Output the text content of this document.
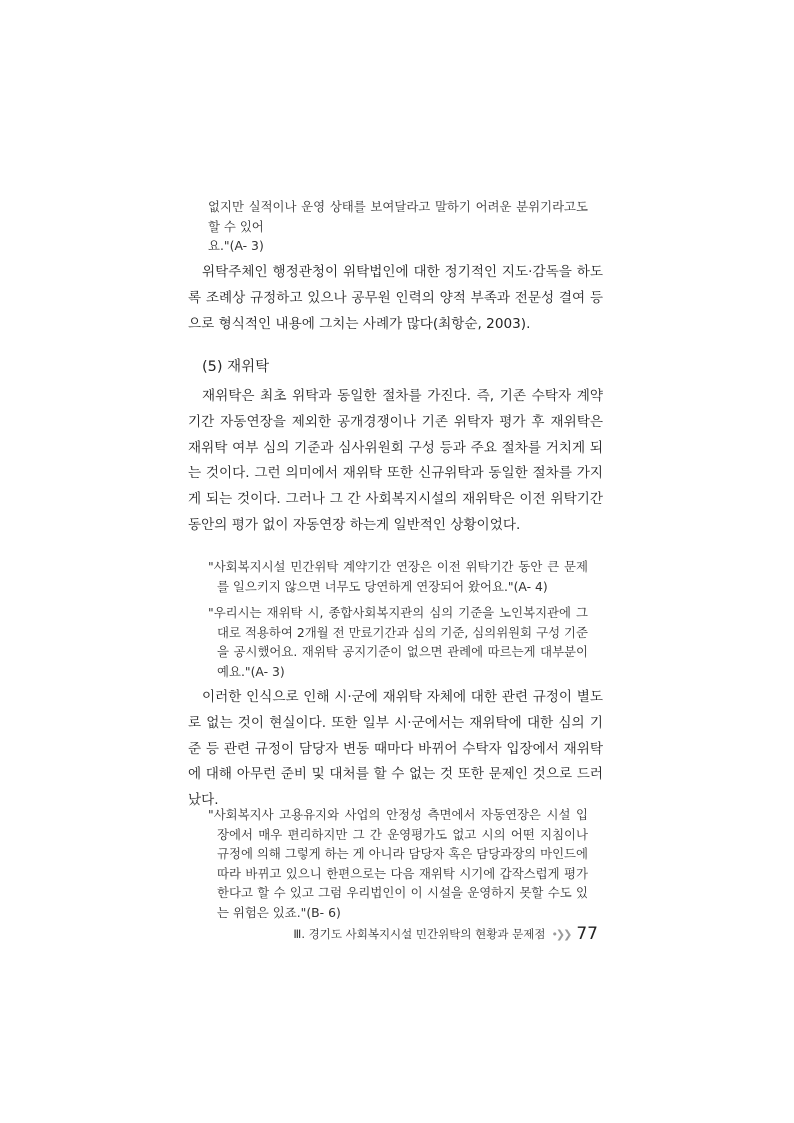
없지만 실적이나 운영 상태를 보여달라고 말하기 어려운 분위기라고도 할 수 있어

요."(A- 3)

위탁주체인 행정관청이 위탁법인에 대한 정기적인 지도·감독을 하도록 조례상 규정하고 있으나 공무원 인력의 양적 부족과 전문성 결여 등으로 형식적인 내용에 그치는 사례가 많다(최항순, 2003).

(5) 재위탁

재위탁은 최초 위탁과 동일한 절차를 가진다. 즉, 기존 수탁자 계약기간 자동연장을 제외한 공개경쟁이나 기존 위탁자 평가 후 재위탁은 재위탁 여부 심의 기준과 심사위원회 구성 등과 주요 절차를 거치게 되는 것이다. 그런 의미에서 재위탁 또한 신규위탁과 동일한 절차를 가지게 되는 것이다. 그러나 그 간 사회복지시설의 재위탁은 이전 위탁기간 동안의 평가 없이 자동연장 하는게 일반적인 상황이었다.

"사회복지시설 민간위탁 계약기간 연장은 이전 위탁기간 동안 큰 문제를 일으키지 않으면 너무도 당연하게 연장되어 왔어요."(A- 4)

"우리시는 재위탁 시, 종합사회복지관의 심의 기준을 노인복지관에 그대로 적용하여 2개월 전 만료기간과 심의 기준, 심의위원회 구성 기준을 공시했어요. 재위탁 공지기준이 없으면 관례에 따르는게 대부분이예요."(A- 3)

이러한 인식으로 인해 시·군에 재위탁 자체에 대한 관련 규정이 별도로 없는 것이 현실이다. 또한 일부 시·군에서는 재위탁에 대한 심의 기준 등 관련 규정이 담당자 변동 때마다 바뀌어 수탁자 입장에서 재위탁에 대해 아무런 준비 및 대처를 할 수 없는 것 또한 문제인 것으로 드러났다.

"사회복지사 고용유지와 사업의 안정성 측면에서 자동연장은 시설 입장에서 매우 편리하지만 그 간 운영평가도 없고 시의 어떤 지침이나 규정에 의해 그렇게 하는 게 아니라 담당자 혹은 담당과장의 마인드에 따라 바뀌고 있으니 한편으로는 다음 재위탁 시기에 갑작스럽게 평가한다고 할 수 있고 그럼 우리법인이 이 시설을 운영하지 못할 수도 있는 위험은 있죠."(B- 6)

Ⅲ. 경기도 사회복지시설 민간위탁의 현황과 문제점 •❯❯ 77
